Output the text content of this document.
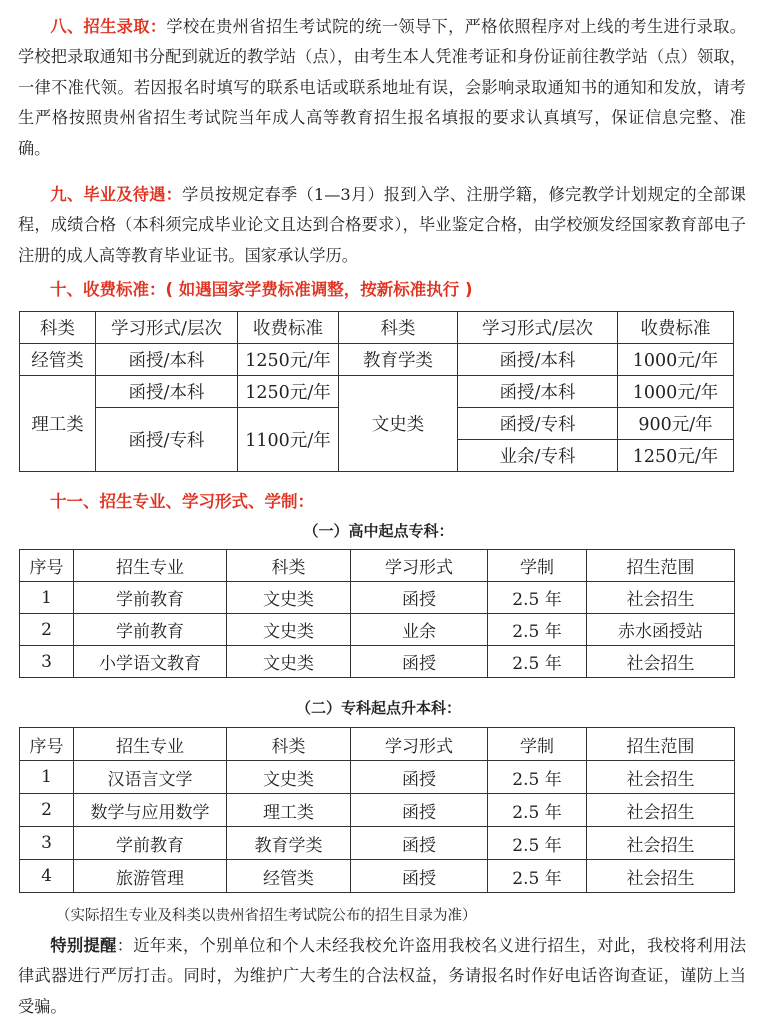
八、招生录取：学校在贵州省招生考试院的统一领导下，严格依照程序对上线的考生进行录取。学校把录取通知书分配到就近的教学站（点），由考生本人凭准考证和身份证前往教学站（点）领取，一律不准代领。若因报名时填写的联系电话或联系地址有误，会影响录取通知书的通知和发放，请考生严格按照贵州省招生考试院当年成人高等教育招生报名填报的要求认真填写，保证信息完整、准确。
九、毕业及待遇：学员按规定春季（1—3月）报到入学、注册学籍，修完教学计划规定的全部课程，成绩合格（本科须完成毕业论文且达到合格要求），毕业鉴定合格，由学校颁发经国家教育部电子注册的成人高等教育毕业证书。国家承认学历。
十、收费标准：( 如遇国家学费标准调整，按新标准执行 )
科类	学习形式/层次	收费标准	科类	学习形式/层次	收费标准
经管类	函授/本科	1250元/年	教育学类	函授/本科	1000元/年
理工类	函授/本科	1250元/年	文史类	函授/本科	1000元/年
	函授/专科	1100元/年		函授/专科	900元/年
				业余/专科	1250元/年
十一、招生专业、学习形式、学制：
（一）高中起点专科：
序号	招生专业	科类	学习形式	学制	招生范围
1	学前教育	文史类	函授	2.5 年	社会招生
2	学前教育	文史类	业余	2.5 年	赤水函授站
3	小学语文教育	文史类	函授	2.5 年	社会招生
（二）专科起点升本科：
序号	招生专业	科类	学习形式	学制	招生范围
1	汉语言文学	文史类	函授	2.5 年	社会招生
2	数学与应用数学	理工类	函授	2.5 年	社会招生
3	学前教育	教育学类	函授	2.5 年	社会招生
4	旅游管理	经管类	函授	2.5 年	社会招生
（实际招生专业及科类以贵州省招生考试院公布的招生目录为准）
特别提醒：近年来，个别单位和个人未经我校允许盗用我校名义进行招生，对此，我校将利用法律武器进行严厉打击。同时，为维护广大考生的合法权益，务请报名时作好电话咨询查证，谨防上当受骗。
